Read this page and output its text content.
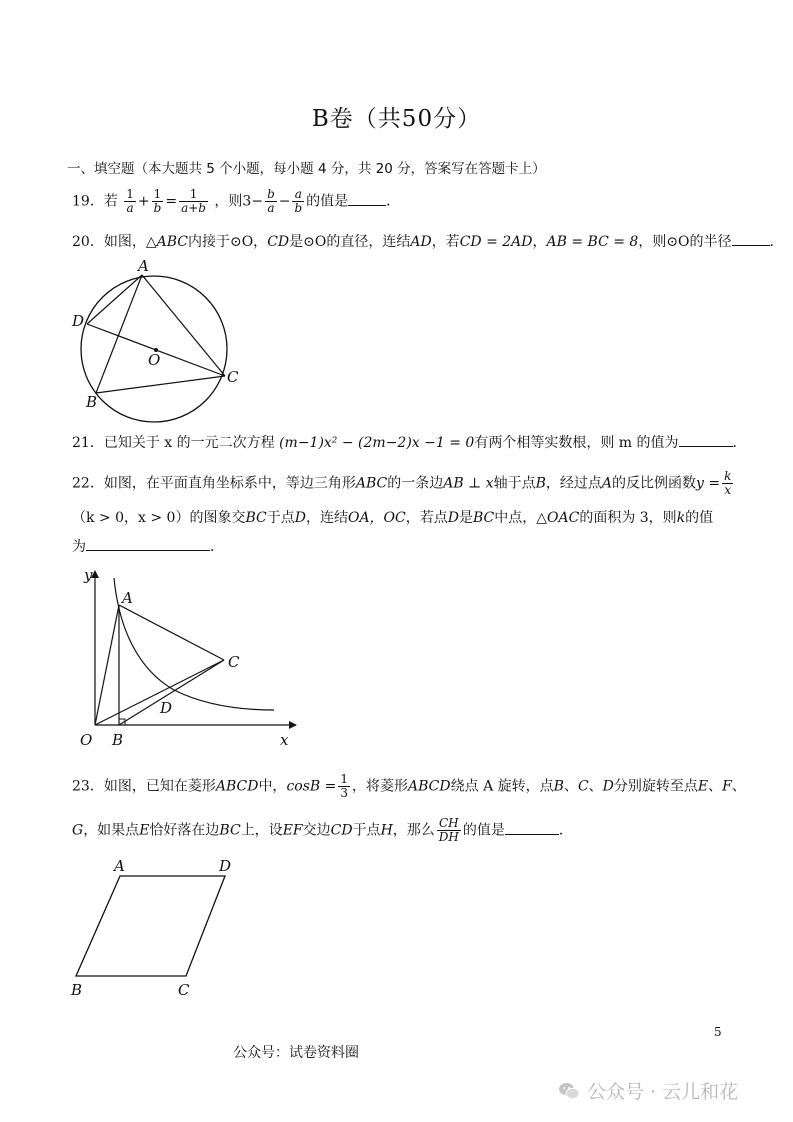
B卷（共50分）
一、填空题（本大题共 5 个小题，每小题 4 分，共 20 分，答案写在答题卡上）
19．若 $\frac{1}{a} + \frac{1}{b} = \frac{1}{a+b}$ ，则$3- \frac{b}{a} - \frac{a}{b}$ 的值是	．
20．如图，△ABC内接于⊙O，CD是⊙O的直径，连结AD，若CD = 2AD，AB = BC = 8，则⊙O的半径	．
A
D
O
C
B
21．已知关于 x 的一元二次方程 (m−1)x² − (2m−2)x −1 = 0有两个相等实数根，则 m 的值为	．
22．如图，在平面直角坐标系中，等边三角形ABC的一条边AB ⊥ x轴于点B，经过点A的反比例函数$y = \frac{k}{x}$
（k > 0，x > 0）的图象交BC于点D，连结OA，OC，若点D是BC中点，△OAC的面积为 3，则k的值
为	．
y
A
C
D
O B	x
23．如图，已知在菱形ABCD中，$\cos B = \frac{1}{3}$ ，将菱形ABCD绕点 A 旋转，点B、C、D分别旋转至点E、F、
G，如果点E恰好落在边BC上，设EF交边CD于点H，那么 $\frac{CH}{DH}$ 的值是	．
A	D
B	C
5
公众号：试卷资料圈
公众号 · 云儿和花
